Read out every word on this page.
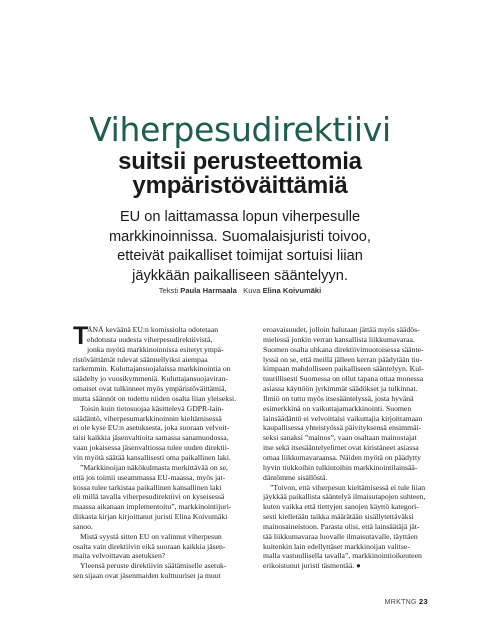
Viherpesudirektiivi
suitsii perusteettomia
ympäristöväittämiä
EU on laittamassa lopun viherpesulle
markkinoinnissa. Suomalaisjuristi toivoo,
etteivät paikalliset toimijat sortuisi liian
jäykkään paikalliseen sääntelyyn.
Teksti Paula Harmaala Kuva Elina Koivumäki
T
ÄNÄ keväänä EU:n komissiolta odotetaan
ehdotusta uudesta viherpesudirektiivistä,
jonka myötä markkinoinnissa esitetyt ympä-
ristöväittämät tulevat säännellyiksi aiempaa
tarkemmin. Kuluttajansuojalaissa markkinointia on
säädelty jo vuosikymmeniä. Kuluttajansuojaviran-
omaiset ovat tulkinneet myös ympäristöväittämiä,
mutta säännöt on todettu niiden osalta liian yleiseksi.
Toisin kuin tietosuojaa käsittelevä GDPR-lain-
säädäntö, viherpesumarkkinoinnin kieltämisessä
ei ole kyse EU:n asetuksesta, joka suoraan velvoit-
taisi kaikkia jäsenvaltioita samassa sanamuodossa,
vaan jokaisessa jäsenvaltiossa tulee uuden direktii-
vin myötä säätää kansallisesti oma paikallinen laki.
”Markkinoijan näkökulmasta merkittävää on se,
että jos toimii useammassa EU-maassa, myös jat-
kossa tulee tarkistaa paikallinen kansallinen laki
eli millä tavalla viherpesudirektiivi on kyseisessä
maassa aikanaan implementoitu”, markkinointijuri-
diikasta kirjan kirjoittanut juristi Elina Koivumäki
sanoo.
Mistä syystä sitten EU on valinnut viherpesun
osalta vain direktiivin eikä suoraan kaikkia jäsen-
maita velvoittavan asetuksen?
Yleensä peruste direktiivin säätämiselle asetuk-
sen sijaan ovat jäsenmaiden kulttuuriset ja muut
eroavaisuudet, jolloin halutaan jättää myös säädös-
mielessä jonkin verran kansallista liikkumavaraa.
Suomen osalta uhkana direktiivimuotoisessa säänte-
lyssä on se, että meillä jälleen kerran päädytään tiu-
kimpaan mahdolliseen paikalliseen sääntelyyn. Kul-
tuurillisesti Suomessa on ollut tapana ottaa monessa
asiassa käyttöön jyrkimmät säädökset ja tulkinnat.
Ilmiö on tuttu myös itsesääntelyssä, josta hyvänä
esimerkkinä on vaikuttajamarkkinointi. Suomen
lainsäädäntö ei velvoittaisi vaikuttajia kirjoittamaan
kaupallisessa yhteistyössä päivityksensä ensimmäi-
seksi sanaksi ”mainos”, vaan osaltaan mainostajat
itse sekä itsesääntelyelimet ovat kiristäneet asiassa
omaa liikkumavaraansa. Näiden myötä on päädytty
hyvin tiukkoihin tulkintoihin markkinointilainsää-
däntömme sisällöstä.
”Toivon, että viherpesun kieltämisessä ei tule liian
jäykkää paikallista sääntelyä ilmaisutapojen suhteen,
kuten vaikka että tiettyjen sanojen käyttö kategori-
sesti kielletään taikka määrätään sisällytettäväksi
mainosaineistoon. Parasta olisi, että lainsäätäjä jät-
tää liikkumavaraa luovalle ilmaisutavalle, täyttäen
kuitenkin lain edellyttäset markkinoijan valitse-
malla vastuullisella tavalla”, markkinointioikeuteen
erikoistunut juristi täsmentää. ●
MRKTNG 23
